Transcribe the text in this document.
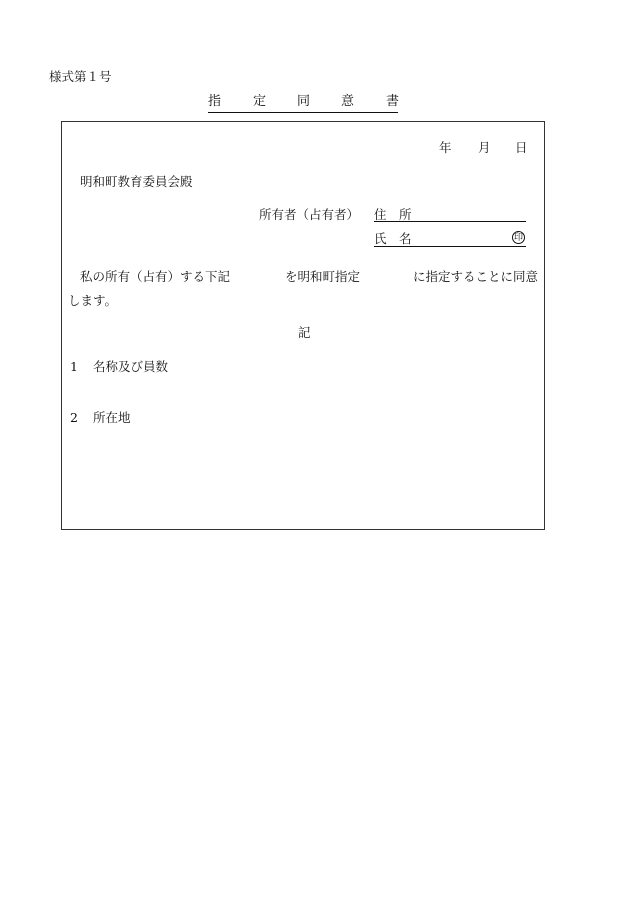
様式第１号
指 定 同 意 書
年 月 日
明和町教育委員会殿
所有者（占有者） 住　所
氏　名	印
私の所有（占有）する下記	を明和町指定	に指定することに同意
します。
記
1 名称及び員数
2 所在地
